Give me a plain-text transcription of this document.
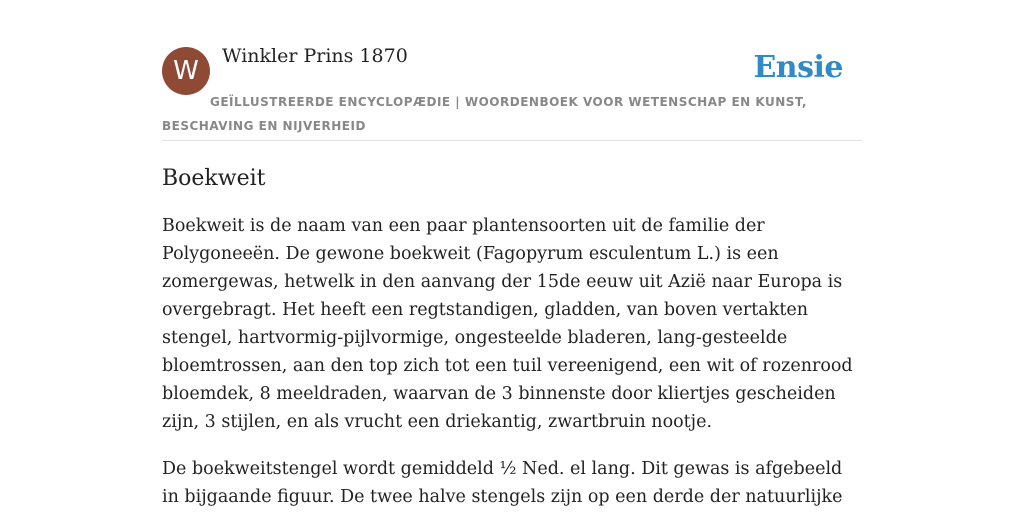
W	Winkler Prins 1870	Ensie
GEÏLLUSTREERDE ENCYCLOPÆDIE | WOORDENBOEK VOOR WETENSCHAP EN KUNST, BESCHAVING EN NIJVERHEID
Boekweit

Boekweit is de naam van een paar plantensoorten uit de familie der Polygoneeën. De gewone boekweit (Fagopyrum esculentum L.) is een zomergewas, hetwelk in den aanvang der 15de eeuw uit Azië naar Europa is overgebragt. Het heeft een regtstandigen, gladden, van boven vertakten stengel, hartvormig-pijlvormige, ongesteelde bladeren, lang-gesteelde bloemtrossen, aan den top zich tot een tuil vereenigend, een wit of rozenrood bloemdek, 8 meeldraden, waarvan de 3 binnenste door kliertjes gescheiden zijn, 3 stijlen, en als vrucht een driekantig, zwartbruin nootje.

De boekweitstengel wordt gemiddeld ½ Ned. el lang. Dit gewas is afgebeeld in bijgaande figuur. De twee halve stengels zijn op een derde der natuurlijke
